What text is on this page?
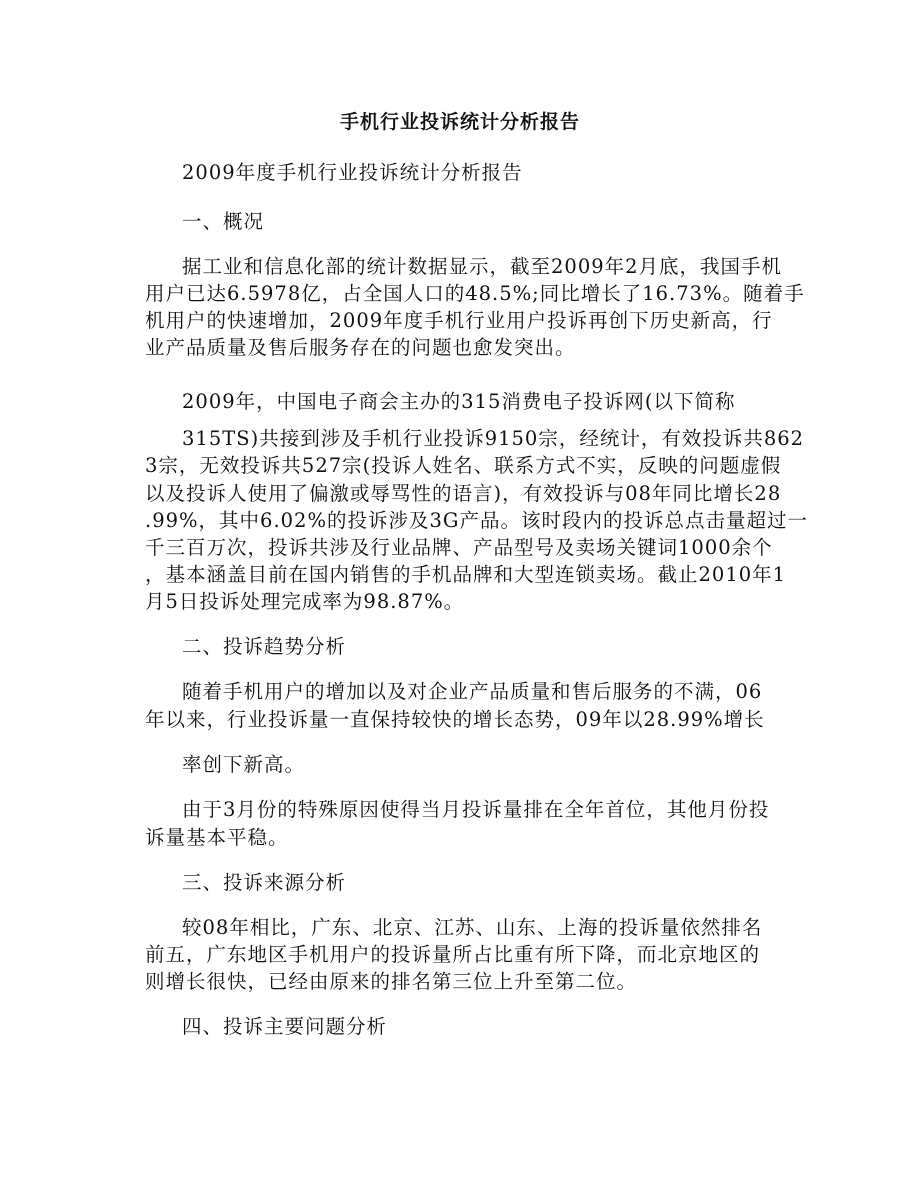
手机行业投诉统计分析报告
2009年度手机行业投诉统计分析报告
一、概况
据工业和信息化部的统计数据显示，截至2009年2月底，我国手机
用户已达6.5978亿，占全国人口的48.5%;同比增长了16.73%。随着手
机用户的快速增加，2009年度手机行业用户投诉再创下历史新高，行
业产品质量及售后服务存在的问题也愈发突出。
2009年，中国电子商会主办的315消费电子投诉网(以下简称
315TS)共接到涉及手机行业投诉9150宗，经统计，有效投诉共862
3宗，无效投诉共527宗(投诉人姓名、联系方式不实，反映的问题虚假
以及投诉人使用了偏激或辱骂性的语言)，有效投诉与08年同比增长28
.99%，其中6.02%的投诉涉及3G产品。该时段内的投诉总点击量超过一
千三百万次，投诉共涉及行业品牌、产品型号及卖场关键词1000余个
，基本涵盖目前在国内销售的手机品牌和大型连锁卖场。截止2010年1
月5日投诉处理完成率为98.87%。
二、投诉趋势分析
随着手机用户的增加以及对企业产品质量和售后服务的不满，06
年以来，行业投诉量一直保持较快的增长态势，09年以28.99%增长
率创下新高。
由于3月份的特殊原因使得当月投诉量排在全年首位，其他月份投
诉量基本平稳。
三、投诉来源分析
较08年相比，广东、北京、江苏、山东、上海的投诉量依然排名
前五，广东地区手机用户的投诉量所占比重有所下降，而北京地区的
则增长很快，已经由原来的排名第三位上升至第二位。
四、投诉主要问题分析
